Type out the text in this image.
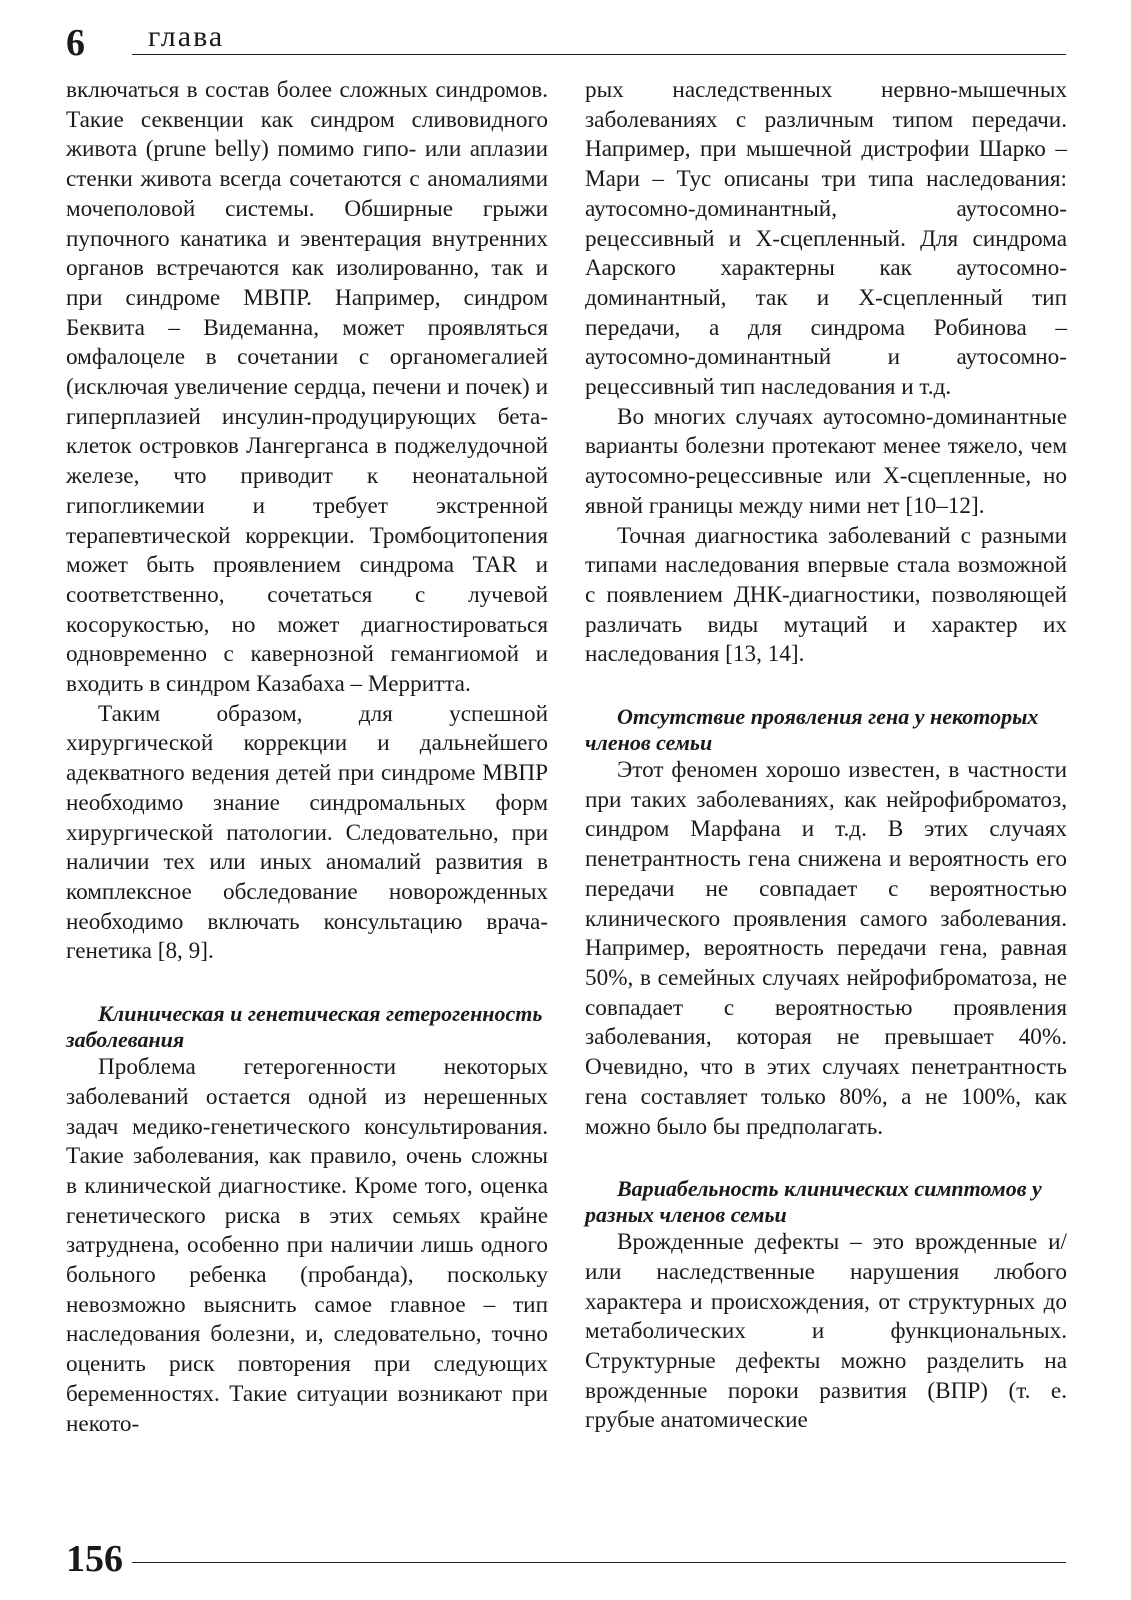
6 глава

включаться в состав более сложных синдромов. Такие секвенции как синдром сливовидного живота (prune belly) помимо гипо- или аплазии стенки живота всегда сочетаются с аномалиями мочеполовой системы. Обширные грыжи пупочного канатика и эвентерация внутренних органов встречаются как изолированно, так и при синдроме МВПР. Например, синдром Беквита – Видеманна, может проявляться омфалоцеле в сочетании с органомегалией (исключая увеличение сердца, печени и почек) и гиперплазией инсулин-продуцирующих бета-клеток островков Лангерганса в поджелудочной железе, что приводит к неонатальной гипогликемии и требует экстренной терапевтической коррекции. Тромбоцитопения может быть проявлением синдрома TAR и соответственно, сочетаться с лучевой косорукостью, но может диагностироваться одновременно с кавернозной гемангиомой и входить в синдром Казабаха – Мерритта.

Таким образом, для успешной хирургической коррекции и дальнейшего адекватного ведения детей при синдроме МВПР необходимо знание синдромальных форм хирургической патологии. Следовательно, при наличии тех или иных аномалий развития в комплексное обследование новорожденных необходимо включать консультацию врача-генетика [8, 9].

Клиническая и генетическая гетерогенность заболевания

Проблема гетерогенности некоторых заболеваний остается одной из нерешенных задач медико-генетического консультирования. Такие заболевания, как правило, очень сложны в клинической диагностике. Кроме того, оценка генетического риска в этих семьях крайне затруднена, особенно при наличии лишь одного больного ребенка (пробанда), поскольку невозможно выяснить самое главное – тип наследования болезни, и, следовательно, точно оценить риск повторения при следующих беременностях. Такие ситуации возникают при некото-

рых наследственных нервно-мышечных заболеваниях с различным типом передачи. Например, при мышечной дистрофии Шарко – Мари – Тус описаны три типа наследования: аутосомно-доминантный, аутосомно-рецессивный и Х-сцепленный. Для синдрома Аарского характерны как аутосомно-доминантный, так и Х-сцепленный тип передачи, а для синдрома Робинова – аутосомно-доминантный и аутосомно-рецессивный тип наследования и т.д.

Во многих случаях аутосомно-доминантные варианты болезни протекают менее тяжело, чем аутосомно-рецессивные или Х-сцепленные, но явной границы между ними нет [10–12].

Точная диагностика заболеваний с разными типами наследования впервые стала возможной с появлением ДНК-диагностики, позволяющей различать виды мутаций и характер их наследования [13, 14].

Отсутствие проявления гена у некоторых членов семьи

Этот феномен хорошо известен, в частности при таких заболеваниях, как нейрофиброматоз, синдром Марфана и т.д. В этих случаях пенетрантность гена снижена и вероятность его передачи не совпадает с вероятностью клинического проявления самого заболевания. Например, вероятность передачи гена, равная 50%, в семейных случаях нейрофиброматоза, не совпадает с вероятностью проявления заболевания, которая не превышает 40%. Очевидно, что в этих случаях пенетрантность гена составляет только 80%, а не 100%, как можно было бы предполагать.

Вариабельность клинических симптомов у разных членов семьи

Врожденные дефекты – это врожденные и/или наследственные нарушения любого характера и происхождения, от структурных до метаболических и функциональных. Структурные дефекты можно разделить на врожденные пороки развития (ВПР) (т. е. грубые анатомические

156
